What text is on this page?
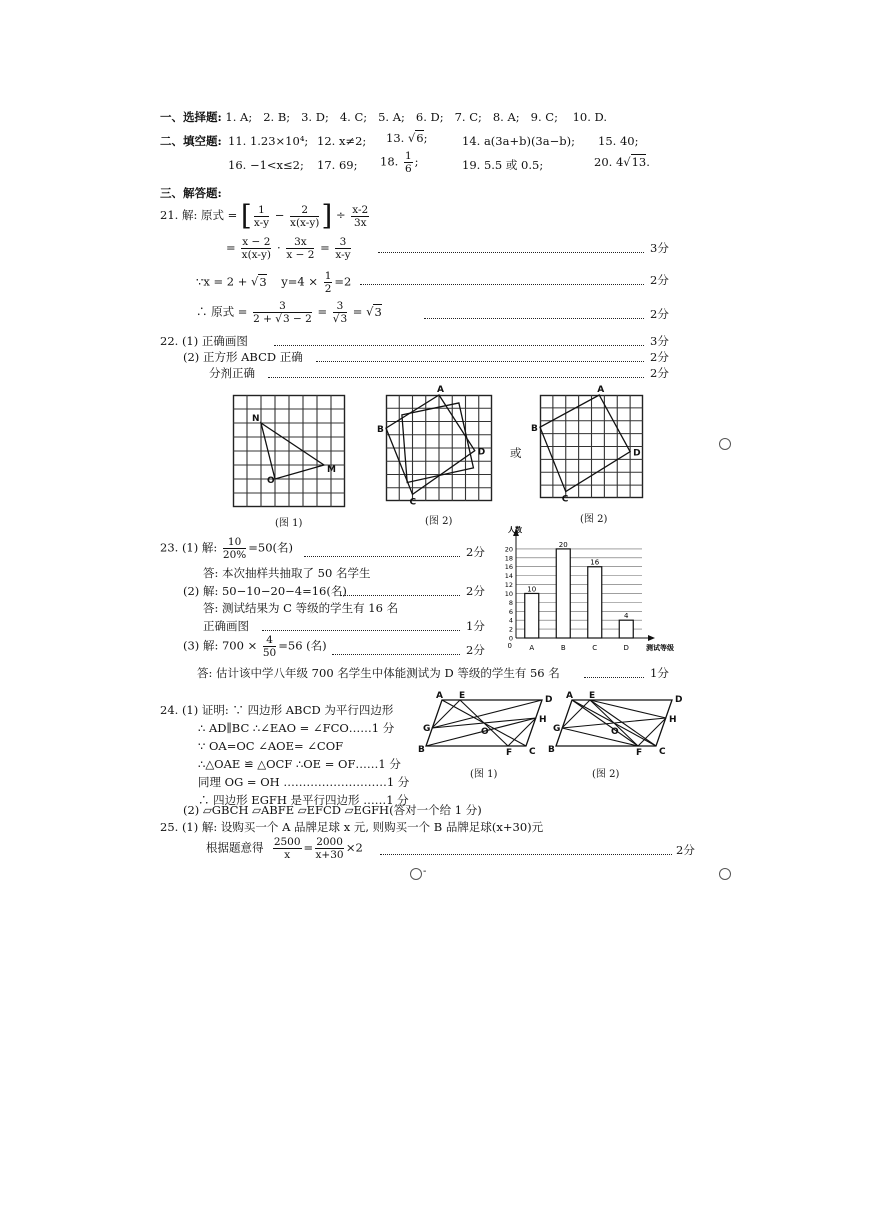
一、选择题: 1. A; 2. B; 3. D; 4. C; 5. A; 6. D; 7. C; 8. A; 9. C; 10. D.
二、填空题: 11. 1.23×10⁴; 12. x≠2; 13. √6;	14. a(3a+b)(3a−b); 15. 40;
16. −1<x≤2; 17. 69; 18. $\frac{1}{6}$ ;	19. 5.5 或 0.5;	20. 4√13.
三、解答题:
21. 解: 原式 = [ $\frac{1}{x-y} - \frac{2}{x(x-y)}$ ] ÷ $\frac{x-2}{3x}$
= $\frac{x - 2}{x(x-y)} \cdot \frac{3x}{x - 2} = \frac{3}{x-y}$	3分
∵x = 2 + √3 $y=4 \times \frac{1}{2} =2$	2分
∴ 原式 = $\frac{3}{2 + √3 - 2} = \frac{3}{√3} = √3$	2分
22. (1) 正确画图	3分
(2) 正方形 ABCD 正确	2分
分剂正确	2分
N
M
O
(图 1)
A
B
C
D
(图 2)
或
A
B
C
D
(图 2)
23. (1) 解: $\frac{10}{20\%} =50$(名)	2分
答: 本次抽样共抽取了 50 名学生
(2) 解: 50−10−20−4=16(名)	2分
答: 测试结果为 C 等级的学生有 16 名
正确画图	1分
(3) 解: $700 \times \frac{4}{50} =56$ (名)	2分
答: 估计该中学八年级 700 名学生中体能测试为 D 等级的学生有 56 名	1分
0
2
4
6
8
10
12
14
16
18
20
人数
测试等级
10
A
20
B
16
C
4
D
0
24. (1) 证明: ∵ 四边形 ABCD 为平行四边形
∴ AD∥BC ∴∠EAO = ∠FCO……1 分
∵ OA=OC ∠AOE= ∠COF
∴△OAE ≌ △OCF ∴OE = OF……1 分
同理 OG = OH ………………………1 分
∴ 四边形 EGFH 是平行四边形 ……1 分
(2) ▱GBCH ▱ABFE ▱EFCD ▱EGFH(答对一个给 1 分)
A E	D
H
G
B
O
F C
(图 1)
A E	D
H
G
B
O
F C
(图 2)
25. (1) 解: 设购买一个 A 品牌足球 x 元, 则购买一个 B 品牌足球(x+30)元
根据题意得 $\frac{2500}{x} = \frac{2000}{x+30} \times 2$	2分
-
